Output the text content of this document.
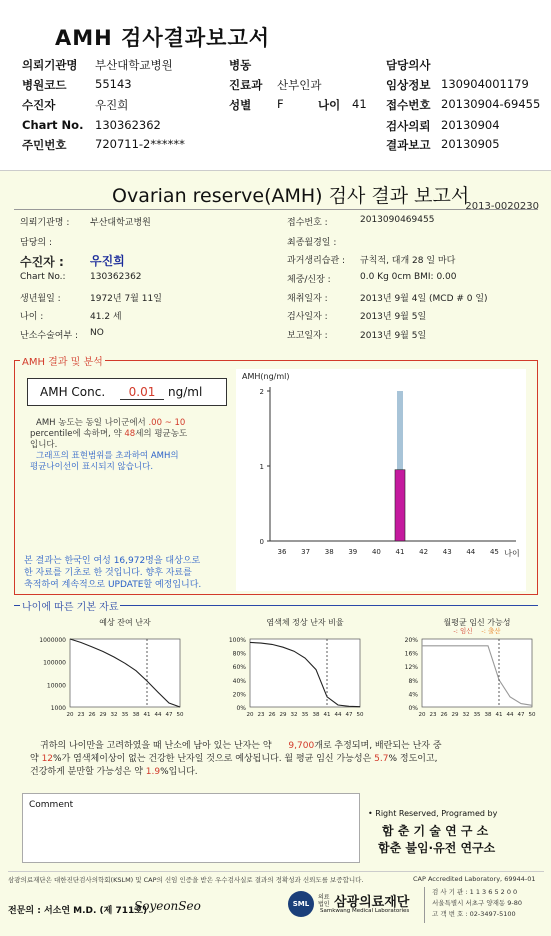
AMH 검사결과보고서
의뢰기관명 부산대학교병원	병동	담당의사
병원코드 55143	진료과 산부인과	임상정보 130904001179
수진자	우진희	성별 F	접수번호 20130904-69455
Chart No. 130362362	검사의뢰 20130904
주민번호 720711-2******	결과보고 20130905
나이 41
Ovarian reserve(AMH) 검사 결과 보고서
2013-0020230
의뢰기관명 : 부산대학교병원
담당의 :
수진자 : 우진희
Chart No.:	130362362
생년월일 :	1972년 7월 11일
나이 :	41.2 세
난소수술여부 : NO
접수번호 :	2013090469455
최종월경일 :
과거생리습관 : 규칙적, 대개 28 일 마다
체중/신장 :	0.0 Kg 0cm BMI: 0.00
채취일자 :	2013년 9월 4일 (MCD # 0 일)
검사일자 :	2013년 9월 5일
보고일자 :	2013년 9월 5일
AMH 결과 및 분석
AMH Conc.	0.01	ng/ml
AMH 농도는 동일 나이군에서 .00 ~ 10
percentile에 속하며, 약 48세의 평균농도
입니다.
그래프의 표현범위를 초과하여 AMH의
평균나이선이 표시되지 않습니다.
본 결과는 한국인 여성 16,972명을 대상으로
한 자료를 기초로 한 것입니다. 향후 자료를
축적하여 계속적으로 UPDATE할 예정입니다.
AMH(ng/ml)
0
1
2
36 37 38 39 40 41 42 43 44 45 나이
나이에 따른 기본 자료
예상 잔여 난자
1000000
100000
10000
1000
20 23 26 29 32 35 38 41 44 47 50
염색체 정상 난자 비율
100%
80%
60%
40%
20%
0%
20 23 26 29 32 35 38 41 44 47 50
월평균 임신 가능성
-: 임신 -: 출산
20%
16%
12%
8%
4%
0%
20 23 26 29 32 35 38 41 44 47 50
귀하의 나이만을 고려하였을 때 난소에 남아 있는 난자는 약 9,700개로 추정되며, 배란되는 난자 중
약 12%가 염색체이상이 없는 건강한 난자일 것으로 예상됩니다. 월 평균 임신 가능성은 5.7% 정도이고,
건강하게 분만할 가능성은 약 1.9%입니다.
Comment
• Right Reserved, Programed by
함 춘 기 술 연 구 소
함춘 불임·유전 연구소
삼광의료재단은 대한진단검사의학회(KSLM) 및 CAP의 신임 인증을 받은 우수검사실로 결과의 정확성과 신뢰도를 보증합니다.	CAP Accredited Laboratory, 69944-01
전문의 : 서소연 M.D. (제 711호)
SoyeonSeo	SML
의료 법인 삼광의료재단
Samkwang Medical Laboratories
검 사 기 관 : 1 1 3 6 5 2 0 0
서울특별시 서초구 양재동 9-80
고 객 번 호 : 02-3497-5100
